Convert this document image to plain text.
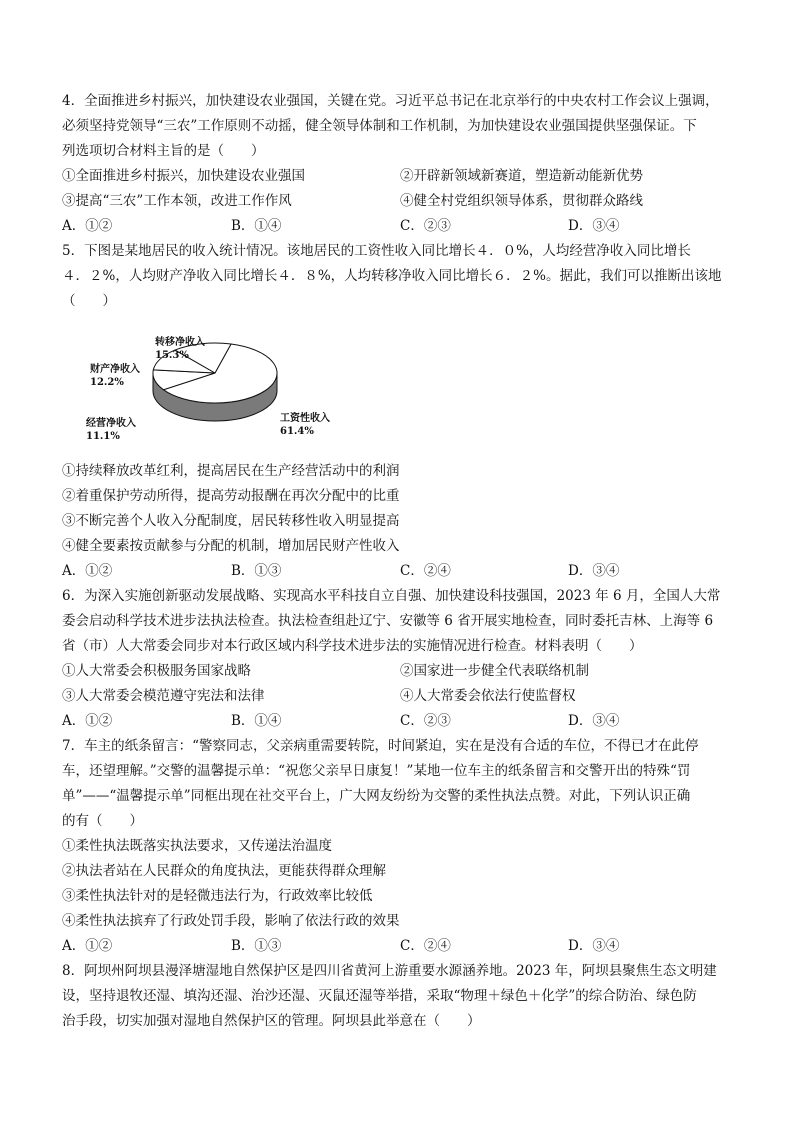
4．全面推进乡村振兴，加快建设农业强国，关键在党。习近平总书记在北京举行的中央农村工作会议上强调，
必须坚持党领导“三农”工作原则不动摇，健全领导体制和工作机制，为加快建设农业强国提供坚强保证。下
列选项切合材料主旨的是（　　）
①全面推进乡村振兴，加快建设农业强国	②开辟新领域新赛道，塑造新动能新优势
③提高“三农”工作本领，改进工作作风	④健全村党组织领导体系，贯彻群众路线
A．①②	B．①④	C．②③	D．③④
5．下图是某地居民的收入统计情况。该地居民的工资性收入同比增长４．０%，人均经营净收入同比增长
４．２%，人均财产净收入同比增长４．８%，人均转移净收入同比增长６．２%。据此，我们可以推断出该地
（　　）
工资性收入
61.4%
经营净收入
11.1%
财产净收入
12.2%
转移净收入
15.3%
①持续释放改革红利，提高居民在生产经营活动中的利润
②着重保护劳动所得，提高劳动报酬在再次分配中的比重
③不断完善个人收入分配制度，居民转移性收入明显提高
④健全要素按贡献参与分配的机制，增加居民财产性收入
A．①②	B．①③	C．②④	D．③④
6．为深入实施创新驱动发展战略、实现高水平科技自立自强、加快建设科技强国，2023 年 6 月，全国人大常
委会启动科学技术进步法执法检查。执法检查组赴辽宁、安徽等 6 省开展实地检查，同时委托吉林、上海等 6
省（市）人大常委会同步对本行政区域内科学技术进步法的实施情况进行检查。材料表明（　　）
①人大常委会积极服务国家战略	②国家进一步健全代表联络机制
③人大常委会模范遵守宪法和法律	④人大常委会依法行使监督权
A．①②	B．①④	C．②③	D．③④
7．车主的纸条留言：“警察同志，父亲病重需要转院，时间紧迫，实在是没有合适的车位，不得已才在此停
车，还望理解。”交警的温馨提示单：“祝您父亲早日康复！”某地一位车主的纸条留言和交警开出的特殊“罚
单”——“温馨提示单”同框出现在社交平台上，广大网友纷纷为交警的柔性执法点赞。对此，下列认识正确
的有（　　）
①柔性执法既落实执法要求，又传递法治温度
②执法者站在人民群众的角度执法，更能获得群众理解
③柔性执法针对的是轻微违法行为，行政效率比较低
④柔性执法摈弃了行政处罚手段，影响了依法行政的效果
A．①②	B．①③	C．②④	D．③④
8．阿坝州阿坝县漫泽塘湿地自然保护区是四川省黄河上游重要水源涵养地。2023 年，阿坝县聚焦生态文明建
设，坚持退牧还湿、填沟还湿、治沙还湿、灭鼠还湿等举措，采取“物理＋绿色＋化学”的综合防治、绿色防
治手段，切实加强对湿地自然保护区的管理。阿坝县此举意在（　　）
